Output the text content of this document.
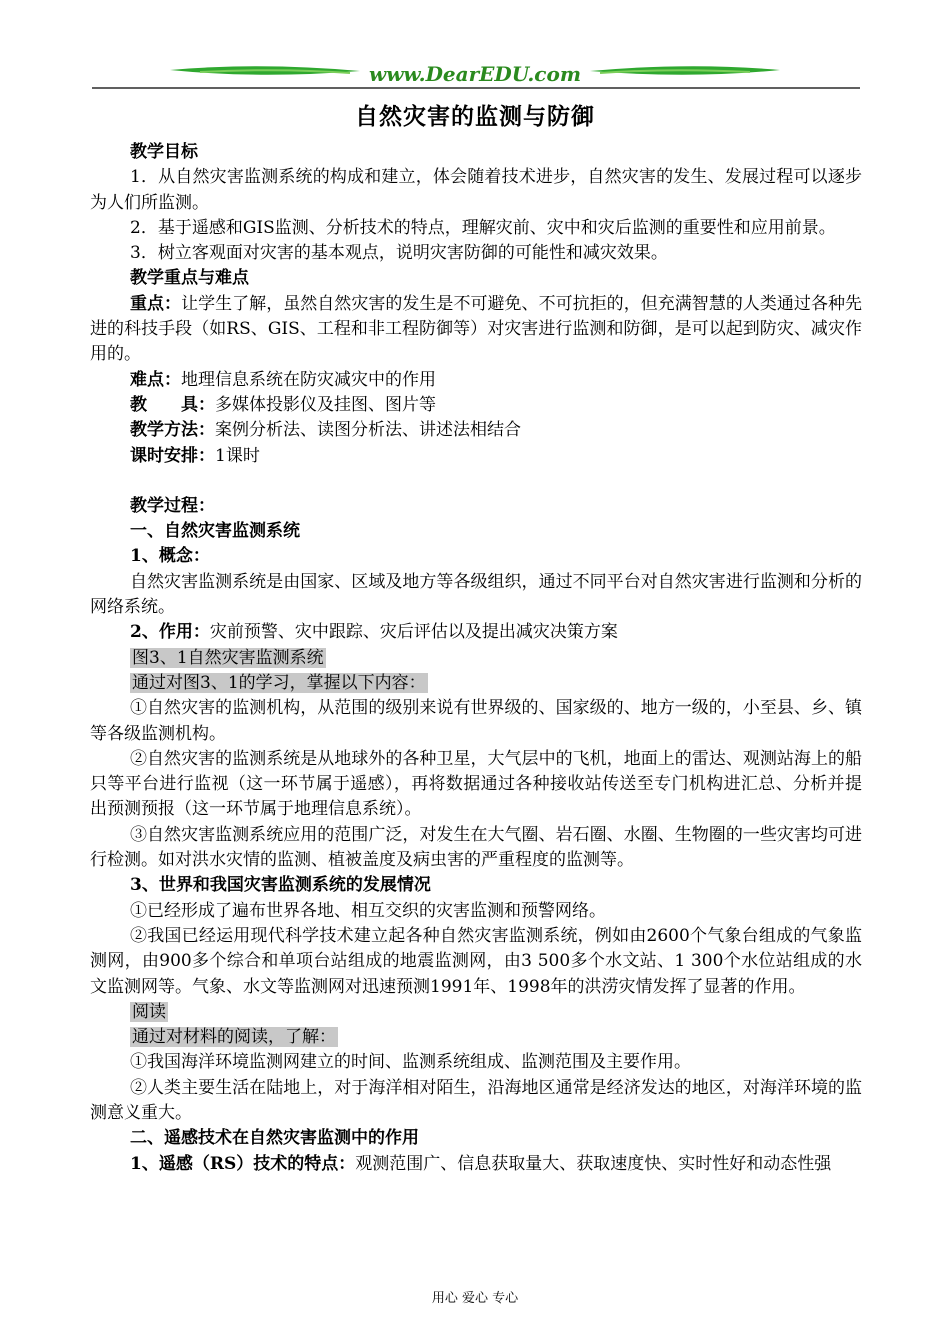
www.DearEDU.com
自然灾害的监测与防御

教学目标

1．从自然灾害监测系统的构成和建立，体会随着技术进步，自然灾害的发生、发展过程可以逐步为人们所监测。

2．基于遥感和GIS监测、分析技术的特点，理解灾前、灾中和灾后监测的重要性和应用前景。

3．树立客观面对灾害的基本观点，说明灾害防御的可能性和减灾效果。

教学重点与难点

重点：让学生了解，虽然自然灾害的发生是不可避免、不可抗拒的，但充满智慧的人类通过各种先进的科技手段（如RS、GIS、工程和非工程防御等）对灾害进行监测和防御，是可以起到防灾、减灾作用的。

难点：地理信息系统在防灾减灾中的作用

教　　具：多媒体投影仪及挂图、图片等

教学方法：案例分析法、读图分析法、讲述法相结合

课时安排：1课时

教学过程：

一、自然灾害监测系统

1、概念：

自然灾害监测系统是由国家、区域及地方等各级组织，通过不同平台对自然灾害进行监测和分析的网络系统。

2、作用：灾前预警、灾中跟踪、灾后评估以及提出减灾决策方案

图3、1自然灾害监测系统

通过对图3、1的学习，掌握以下内容：

①自然灾害的监测机构，从范围的级别来说有世界级的、国家级的、地方一级的，小至县、乡、镇等各级监测机构。

②自然灾害的监测系统是从地球外的各种卫星，大气层中的飞机，地面上的雷达、观测站海上的船只等平台进行监视（这一环节属于遥感），再将数据通过各种接收站传送至专门机构进汇总、分析并提出预测预报（这一环节属于地理信息系统）。

③自然灾害监测系统应用的范围广泛，对发生在大气圈、岩石圈、水圈、生物圈的一些灾害均可进行检测。如对洪水灾情的监测、植被盖度及病虫害的严重程度的监测等。

3、世界和我国灾害监测系统的发展情况

①已经形成了遍布世界各地、相互交织的灾害监测和预警网络。

②我国已经运用现代科学技术建立起各种自然灾害监测系统，例如由2600个气象台组成的气象监测网，由900多个综合和单项台站组成的地震监测网，由3 500多个水文站、1 300个水位站组成的水文监测网等。气象、水文等监测网对迅速预测1991年、1998年的洪涝灾情发挥了显著的作用。

阅读

通过对材料的阅读，了解：

①我国海洋环境监测网建立的时间、监测系统组成、监测范围及主要作用。

②人类主要生活在陆地上，对于海洋相对陌生，沿海地区通常是经济发达的地区，对海洋环境的监测意义重大。

二、遥感技术在自然灾害监测中的作用

1、遥感（RS）技术的特点：观测范围广、信息获取量大、获取速度快、实时性好和动态性强

用心 爱心 专心
